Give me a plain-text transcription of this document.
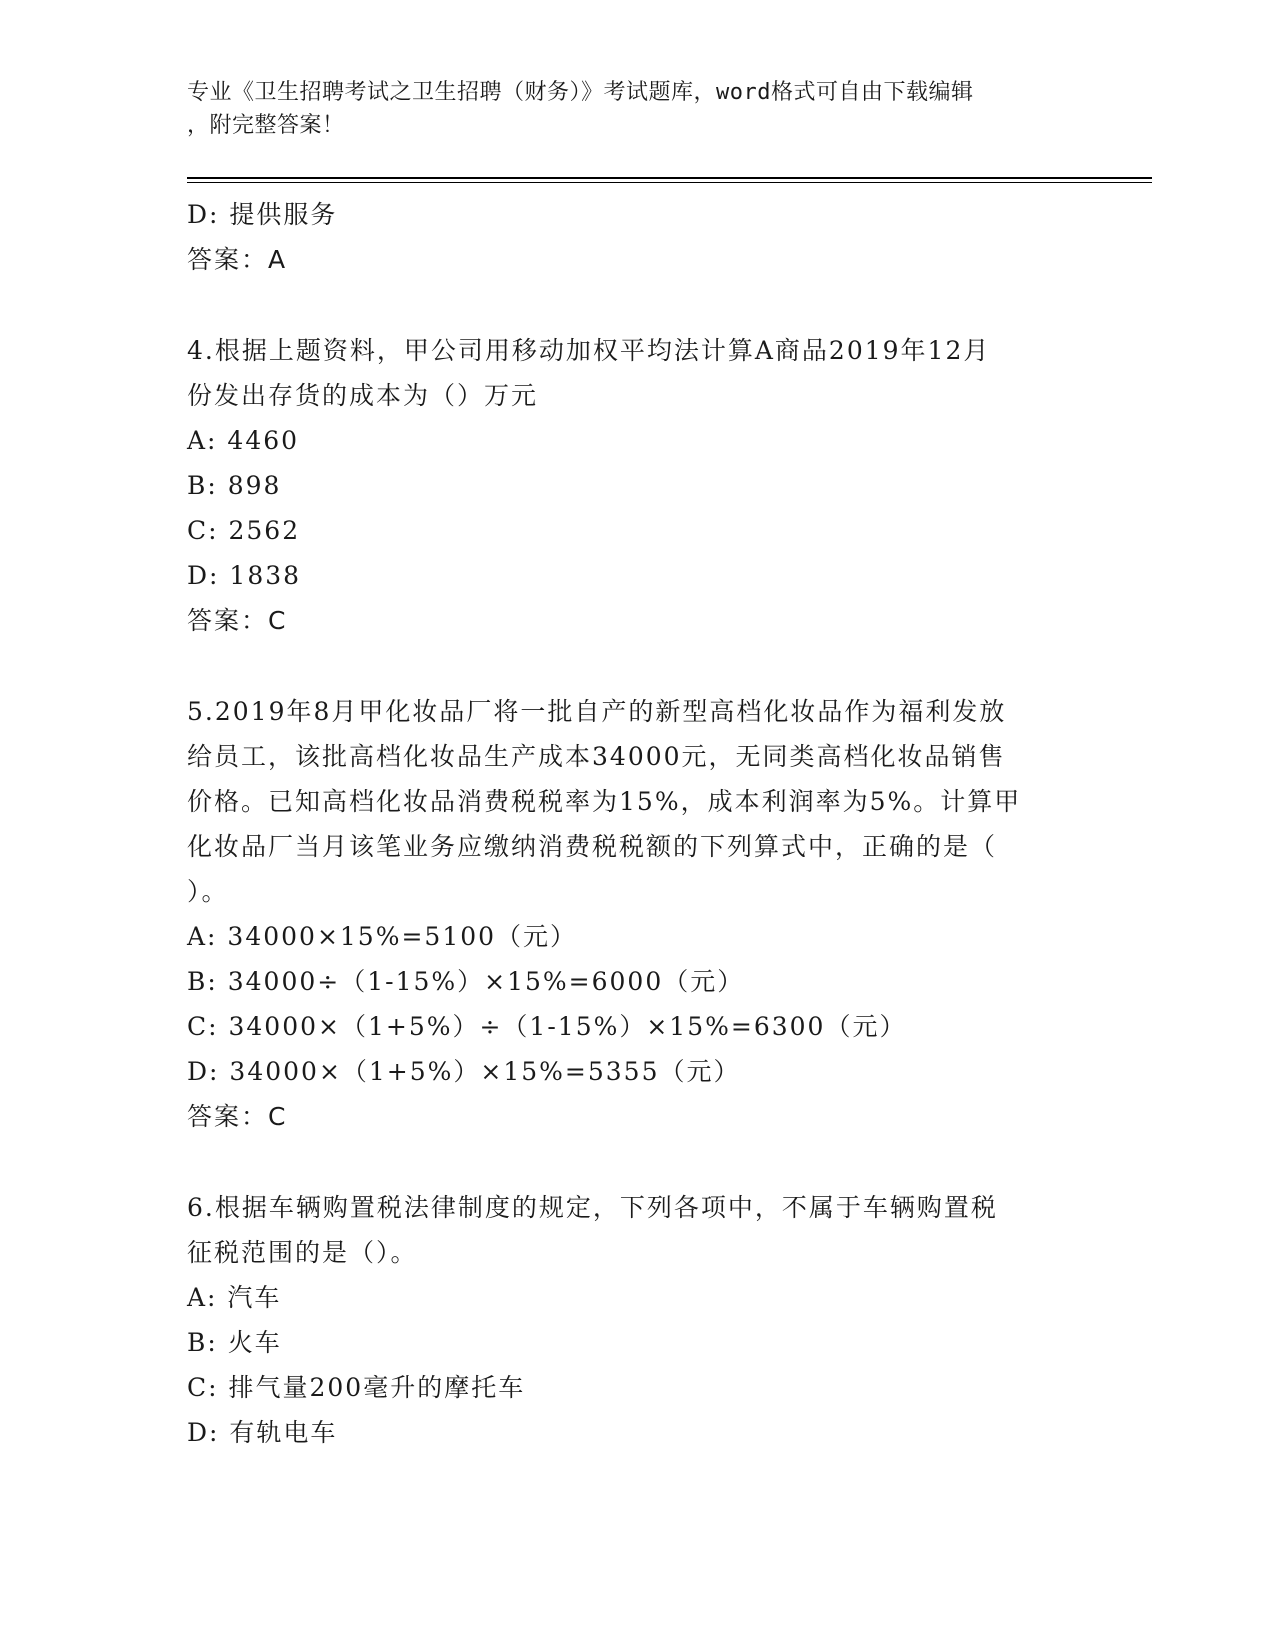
专业《卫生招聘考试之卫生招聘（财务）》考试题库，word格式可自由下载编辑
，附完整答案！
D: 提供服务
答案：A
4.根据上题资料，甲公司用移动加权平均法计算A商品2019年12月
份发出存货的成本为（）万元
A: 4460
B: 898
C: 2562
D: 1838
答案：C
5.2019年8月甲化妆品厂将一批自产的新型高档化妆品作为福利发放
给员工，该批高档化妆品生产成本34000元，无同类高档化妆品销售
价格。已知高档化妆品消费税税率为15%，成本利润率为5%。计算甲
化妆品厂当月该笔业务应缴纳消费税税额的下列算式中，正确的是（
）。
A: 34000×15%=5100（元）
B: 34000÷（1-15%）×15%=6000（元）
C: 34000×（1+5%）÷（1-15%）×15%=6300（元）
D: 34000×（1+5%）×15%=5355（元）
答案：C
6.根据车辆购置税法律制度的规定，下列各项中，不属于车辆购置税
征税范围的是（）。
A: 汽车
B: 火车
C: 排气量200毫升的摩托车
D: 有轨电车
